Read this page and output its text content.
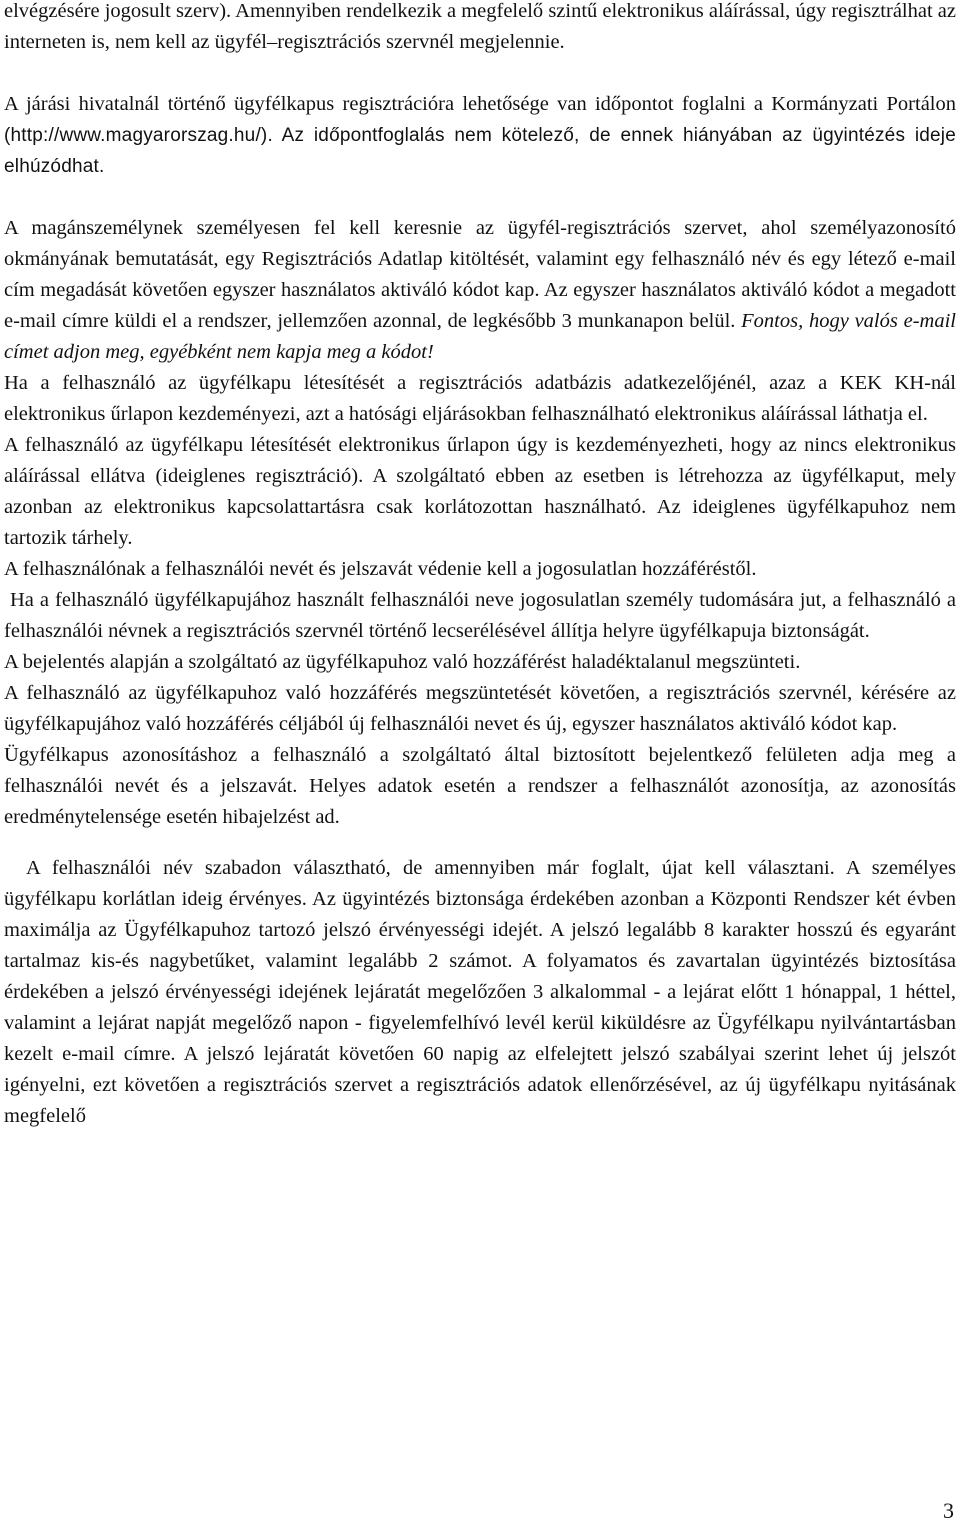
elvégzésére jogosult szerv). Amennyiben rendelkezik a megfelelő szintű elektronikus aláírással, úgy regisztrálhat az interneten is, nem kell az ügyfél–regisztrációs szervnél megjelennie.

A járási hivatalnál történő ügyfélkapus regisztrációra lehetősége van időpontot foglalni a Kormányzati Portálon (http://www.magyarorszag.hu/). Az időpontfoglalás nem kötelező, de ennek hiányában az ügyintézés ideje elhúzódhat.

A magánszemélynek személyesen fel kell keresnie az ügyfél-regisztrációs szervet, ahol személyazonosító okmányának bemutatását, egy Regisztrációs Adatlap kitöltését, valamint egy felhasználó név és egy létező e-mail cím megadását követően egyszer használatos aktiváló kódot kap. Az egyszer használatos aktiváló kódot a megadott e-mail címre küldi el a rendszer, jellemzően azonnal, de legkésőbb 3 munkanapon belül. Fontos, hogy valós e-mail címet adjon meg, egyébként nem kapja meg a kódot!

Ha a felhasználó az ügyfélkapu létesítését a regisztrációs adatbázis adatkezelőjénél, azaz a KEK KH-nál elektronikus űrlapon kezdeményezi, azt a hatósági eljárásokban felhasználható elektronikus aláírással láthatja el.

A felhasználó az ügyfélkapu létesítését elektronikus űrlapon úgy is kezdeményezheti, hogy az nincs elektronikus aláírással ellátva (ideiglenes regisztráció). A szolgáltató ebben az esetben is létrehozza az ügyfélkaput, mely azonban az elektronikus kapcsolattartásra csak korlátozottan használható. Az ideiglenes ügyfélkapuhoz nem tartozik tárhely.

A felhasználónak a felhasználói nevét és jelszavát védenie kell a jogosulatlan hozzáféréstől.

Ha a felhasználó ügyfélkapujához használt felhasználói neve jogosulatlan személy tudomására jut, a felhasználó a felhasználói névnek a regisztrációs szervnél történő lecserélésével állítja helyre ügyfélkapuja biztonságát.

A bejelentés alapján a szolgáltató az ügyfélkapuhoz való hozzáférést haladéktalanul megszünteti.

A felhasználó az ügyfélkapuhoz való hozzáférés megszüntetését követően, a regisztrációs szervnél, kérésére az ügyfélkapujához való hozzáférés céljából új felhasználói nevet és új, egyszer használatos aktiváló kódot kap.

Ügyfélkapus azonosításhoz a felhasználó a szolgáltató által biztosított bejelentkező felületen adja meg a felhasználói nevét és a jelszavát. Helyes adatok esetén a rendszer a felhasználót azonosítja, az azonosítás eredménytelensége esetén hibajelzést ad.

A felhasználói név szabadon választható, de amennyiben már foglalt, újat kell választani. A személyes ügyfélkapu korlátlan ideig érvényes. Az ügyintézés biztonsága érdekében azonban a Központi Rendszer két évben maximálja az Ügyfélkapuhoz tartozó jelszó érvényességi idejét. A jelszó legalább 8 karakter hosszú és egyaránt tartalmaz kis-és nagybetűket, valamint legalább 2 számot. A folyamatos és zavartalan ügyintézés biztosítása érdekében a jelszó érvényességi idejének lejáratát megelőzően 3 alkalommal - a lejárat előtt 1 hónappal, 1 héttel, valamint a lejárat napját megelőző napon - figyelemfelhívó levél kerül kiküldésre az Ügyfélkapu nyilvántartásban kezelt e-mail címre. A jelszó lejáratát követően 60 napig az elfelejtett jelszó szabályai szerint lehet új jelszót igényelni, ezt követően a regisztrációs szervet a regisztrációs adatok ellenőrzésével, az új ügyfélkapu nyitásának megfelelő

3
